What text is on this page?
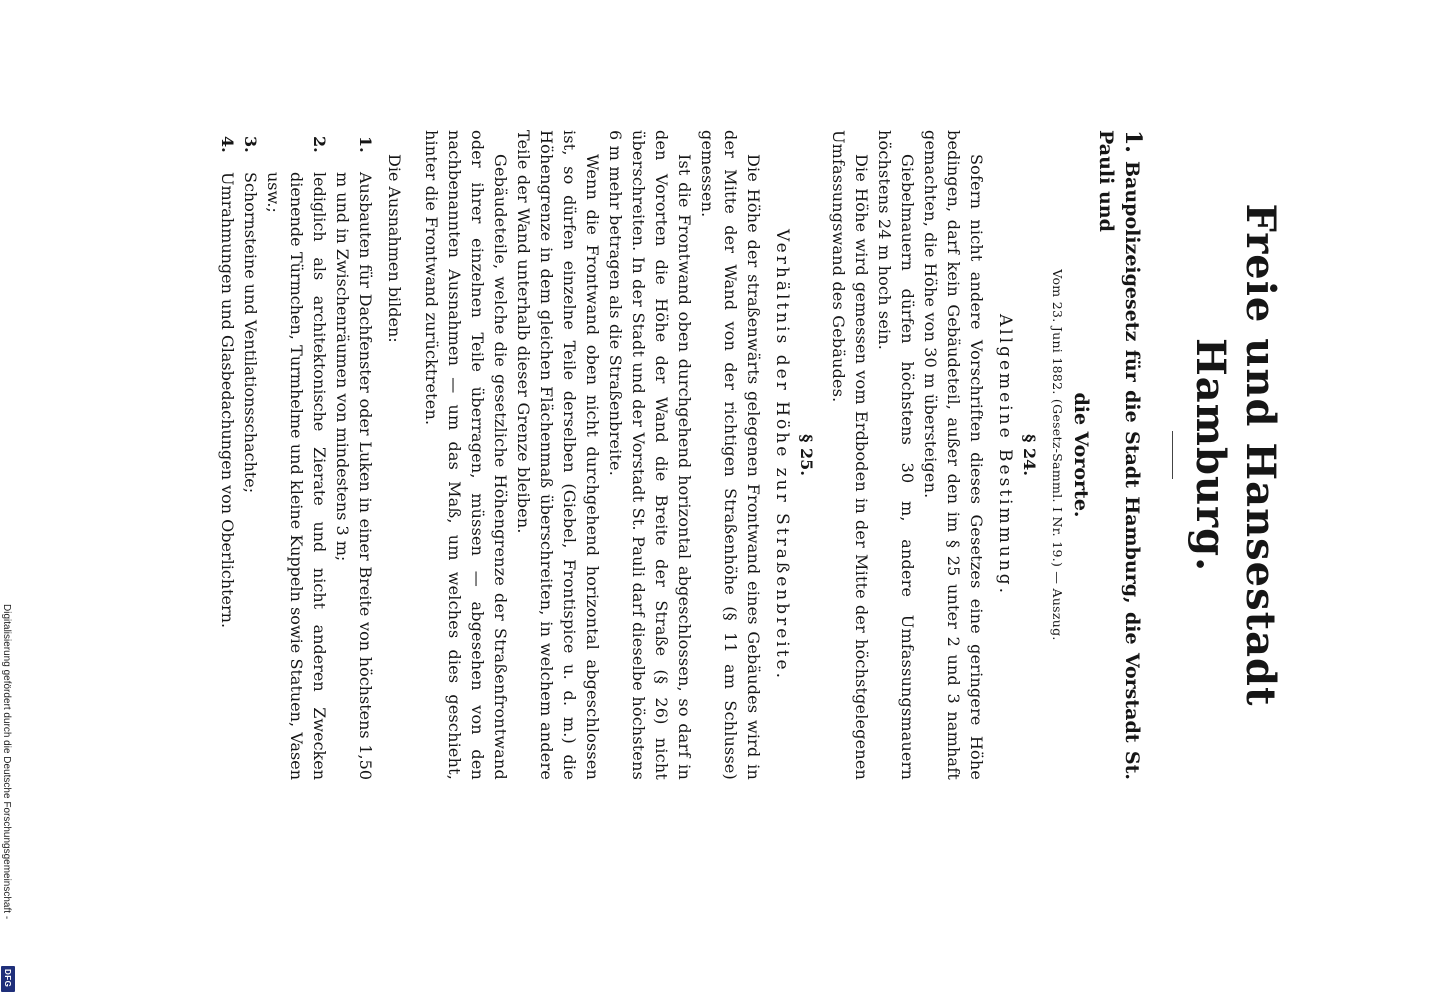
Freie und Hansestadt Hamburg.

1.Baupolizeigesetz für die Stadt Hamburg, die Vorstadt St. Pauli und

die Vororte.

Vom 23. Juni 1882. (Gesetz-Samml. I Nr. 19.) — Auszug.

§ 24.
Allgemeine Bestimmung.

Sofern nicht andere Vorschriften dieses Gesetzes eine geringere Höhe bedingen, darf kein Gebäudeteil, außer den im § 25 unter 2 und 3 namhaft gemachten, die Höhe von 30 m übersteigen.

Giebelmauern dürfen höchstens 30 m, andere Umfassungsmauern höchstens 24 m hoch sein.

Die Höhe wird gemessen vom Erdboden in der Mitte der höchstgelegenen Umfassungswand des Gebäudes.

§ 25.
Verhältnis der Höhe zur Straßenbreite.

Die Höhe der straßenwärts gelegenen Frontwand eines Gebäudes wird in der Mitte der Wand von der richtigen Straßenhöhe (§ 11 am Schlusse) gemessen.

Ist die Frontwand oben durchgehend horizontal abgeschlossen, so darf in den Vororten die Höhe der Wand die Breite der Straße (§ 26) nicht überschreiten. In der Stadt und der Vorstadt St. Pauli darf dieselbe höchstens 6 m mehr betragen als die Straßenbreite.

Wenn die Frontwand oben nicht durchgehend horizontal abgeschlossen ist, so dürfen einzelne Teile derselben (Giebel, Frontispice u. d. m.) die Höhengrenze in dem gleichen Flächenmaß überschreiten, in welchem andere Teile der Wand unterhalb dieser Grenze bleiben.

Gebäudeteile, welche die gesetzliche Höhengrenze der Straßenfrontwand oder ihrer einzelnen Teile überragen, müssen — abgesehen von den nachbenannten Ausnahmen — um das Maß, um welches dies geschieht, hinter die Frontwand zurücktreten.

Die Ausnahmen bilden:

1.
Ausbauten für Dachfenster oder Luken in einer Breite von höchstens 1,50 m und in Zwischenräumen von mindestens 3 m;
2.
lediglich als architektonische Zierate und nicht anderen Zwecken dienende Türmchen, Turmhelme und kleine Kuppeln sowie Statuen, Vasen usw.;
3.
Schornsteine und Ventilationsschachte;
4.
Umrahmungen und Glasbedachungen von Oberlichtern.
Digitalisierung gefördert durch die Deutsche Forschungsgemeinschaft -
DFG
